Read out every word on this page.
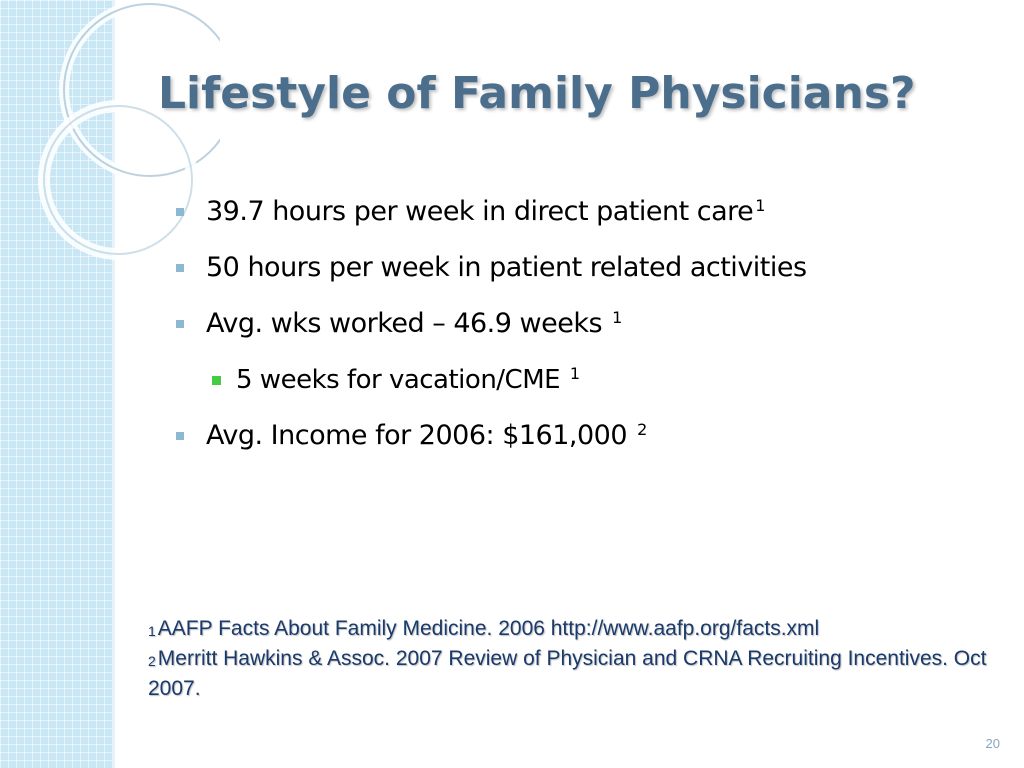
Lifestyle of Family Physicians?
39.7 hours per week in direct patient care $^1$
50 hours per week in patient related activities
Avg. wks worked – 46.9 weeks $^1$
5 weeks for vacation/CME $^1$
Avg. Income for 2006: $161,000 $^2$
$^1$AAFP Facts About Family Medicine. 2006 http://www.aafp.org/facts.xml
$^2$Merritt Hawkins & Assoc. 2007 Review of Physician and CRNA Recruiting Incentives. Oct 2007.
20
